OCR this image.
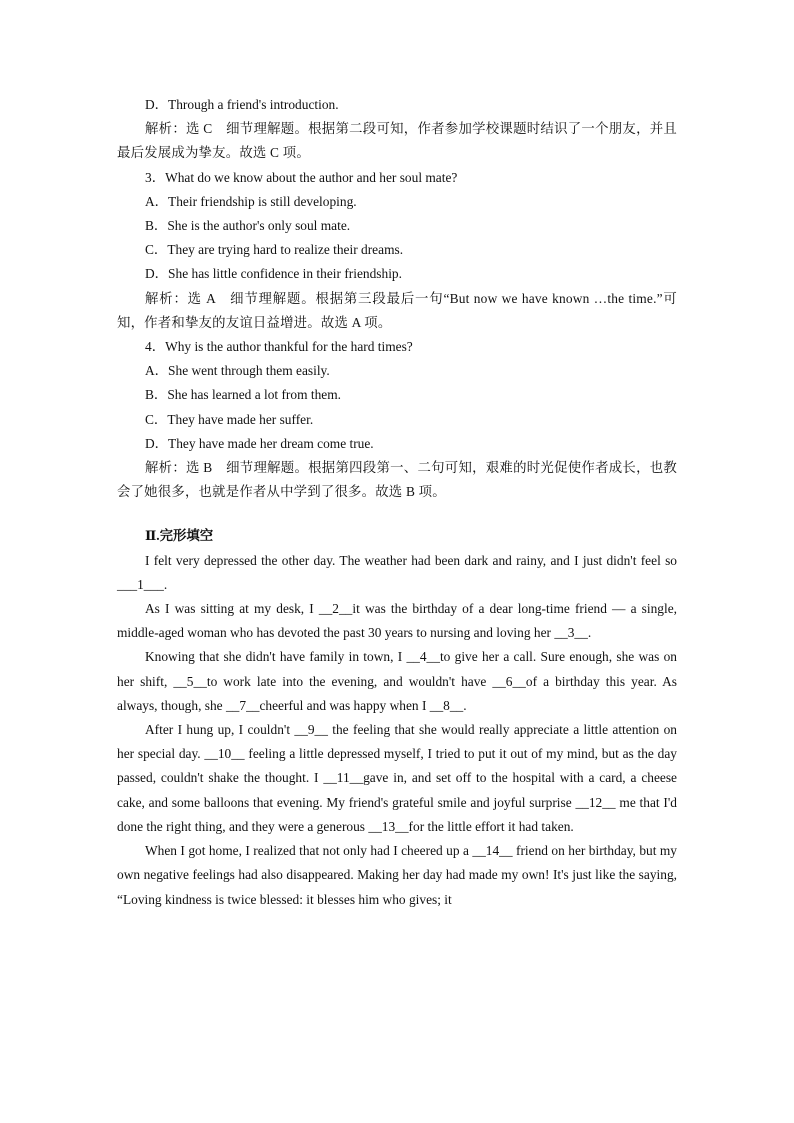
D．Through a friend's introduction.

解析：选 C　细节理解题。根据第二段可知，作者参加学校课题时结识了一个朋友，并且最后发展成为挚友。故选 C 项。

3．What do we know about the author and her soul mate?

A．Their friendship is still developing.

B．She is the author's only soul mate.

C．They are trying hard to realize their dreams.

D．She has little confidence in their friendship.

解析：选 A　细节理解题。根据第三段最后一句“But now we have known …the time.”可知，作者和挚友的友谊日益增进。故选 A 项。

4．Why is the author thankful for the hard times?

A．She went through them easily.

B．She has learned a lot from them.

C．They have made her suffer.

D．They have made her dream come true.

解析：选 B　细节理解题。根据第四段第一、二句可知，艰难的时光促使作者成长，也教会了她很多，也就是作者从中学到了很多。故选 B 项。

Ⅱ.完形填空

I felt very depressed the other day. The weather had been dark and rainy, and I just didn't feel so ___1___.

As I was sitting at my desk, I __2__it was the birthday of a dear long-time friend — a single, middle-aged woman who has devoted the past 30 years to nursing and loving her __3__.

Knowing that she didn't have family in town, I __4__to give her a call. Sure enough, she was on her shift, __5__to work late into the evening, and wouldn't have __6__of a birthday this year. As always, though, she __7__cheerful and was happy when I __8__.

After I hung up, I couldn't __9__ the feeling that she would really appreciate a little attention on her special day. __10__ feeling a little depressed myself, I tried to put it out of my mind, but as the day passed, couldn't shake the thought. I __11__gave in, and set off to the hospital with a card, a cheese cake, and some balloons that evening. My friend's grateful smile and joyful surprise __12__ me that I'd done the right thing, and they were a generous __13__for the little effort it had taken.

When I got home, I realized that not only had I cheered up a __14__ friend on her birthday, but my own negative feelings had also disappeared. Making her day had made my own! It's just like the saying, “Loving kindness is twice blessed: it blesses him who gives; it
